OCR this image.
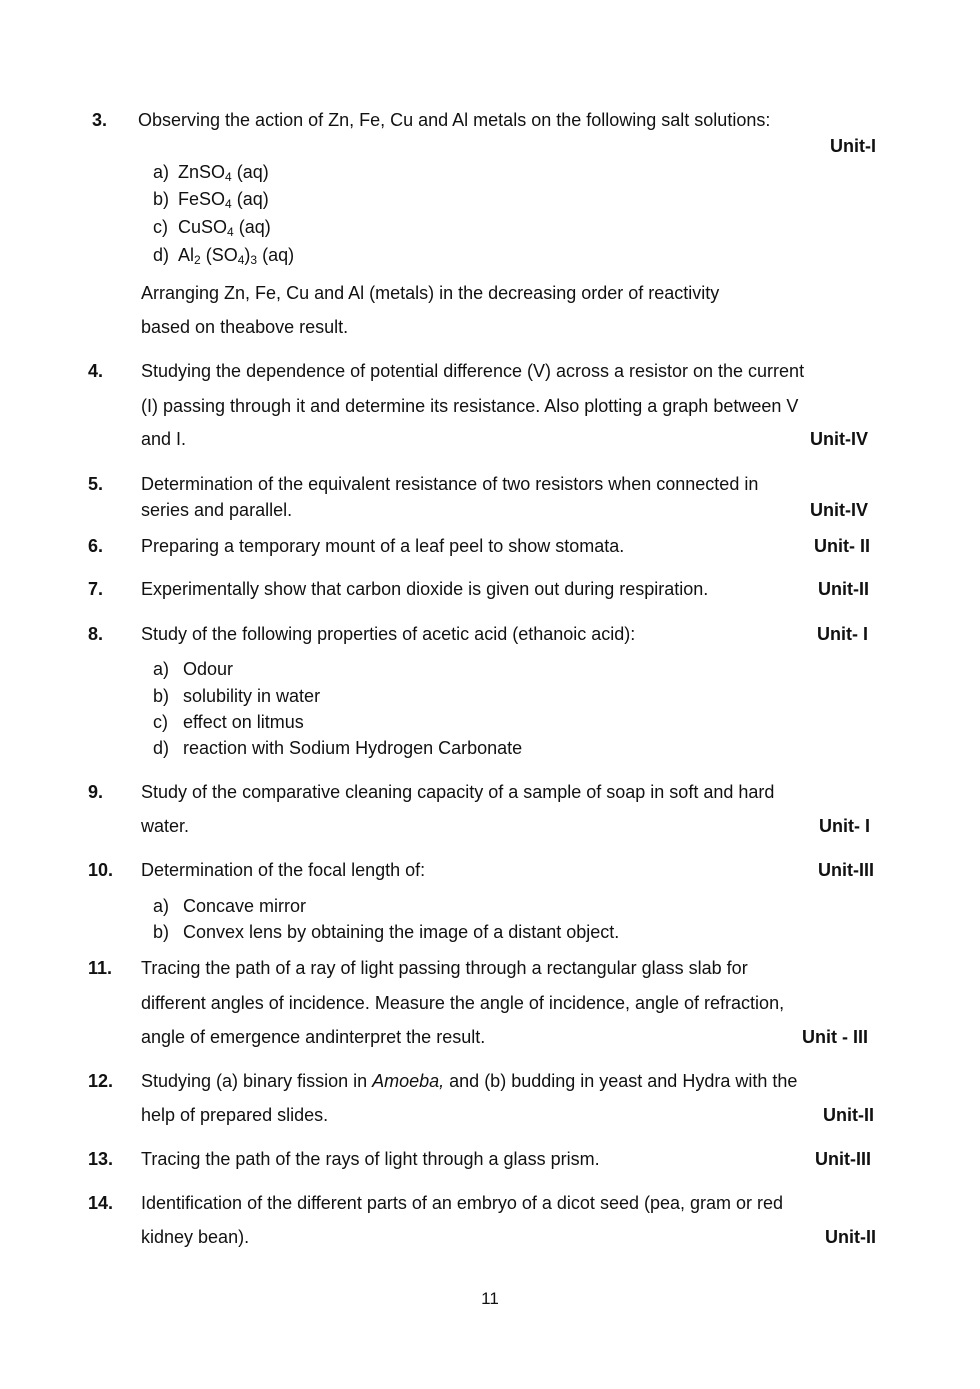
3. Observing the action of Zn, Fe, Cu and Al metals on the following salt solutions:
Unit-I
a) ZnSO$_4$ (aq)
b) FeSO$_4$ (aq)
c) CuSO$_4$ (aq)
d) $Al_2$ $(SO_4)_3$ (aq)
Arranging Zn, Fe, Cu and Al (metals) in the decreasing order of reactivity
based on theabove result.
4. Studying the dependence of potential difference (V) across a resistor on the current
(I) passing through it and determine its resistance. Also plotting a graph between V
and I.	Unit-IV
5. Determination of the equivalent resistance of two resistors when connected in
series and parallel.	Unit-IV
6. Preparing a temporary mount of a leaf peel to show stomata.	Unit- II
7. Experimentally show that carbon dioxide is given out during respiration.	Unit-II
8. Study of the following properties of acetic acid (ethanoic acid):	Unit- I
a) Odour
b) solubility in water
c) effect on litmus
d) reaction with Sodium Hydrogen Carbonate
9. Study of the comparative cleaning capacity of a sample of soap in soft and hard
water.	Unit- I
10. Determination of the focal length of:	Unit-III
a) Concave mirror
b) Convex lens by obtaining the image of a distant object.
11. Tracing the path of a ray of light passing through a rectangular glass slab for
different angles of incidence. Measure the angle of incidence, angle of refraction,
angle of emergence andinterpret the result.	Unit - III
12. Studying (a) binary fission in Amoeba, and (b) budding in yeast and Hydra with the
help of prepared slides.	Unit-II
13. Tracing the path of the rays of light through a glass prism.	Unit-III
14. Identification of the different parts of an embryo of a dicot seed (pea, gram or red
kidney bean).	Unit-II
11
